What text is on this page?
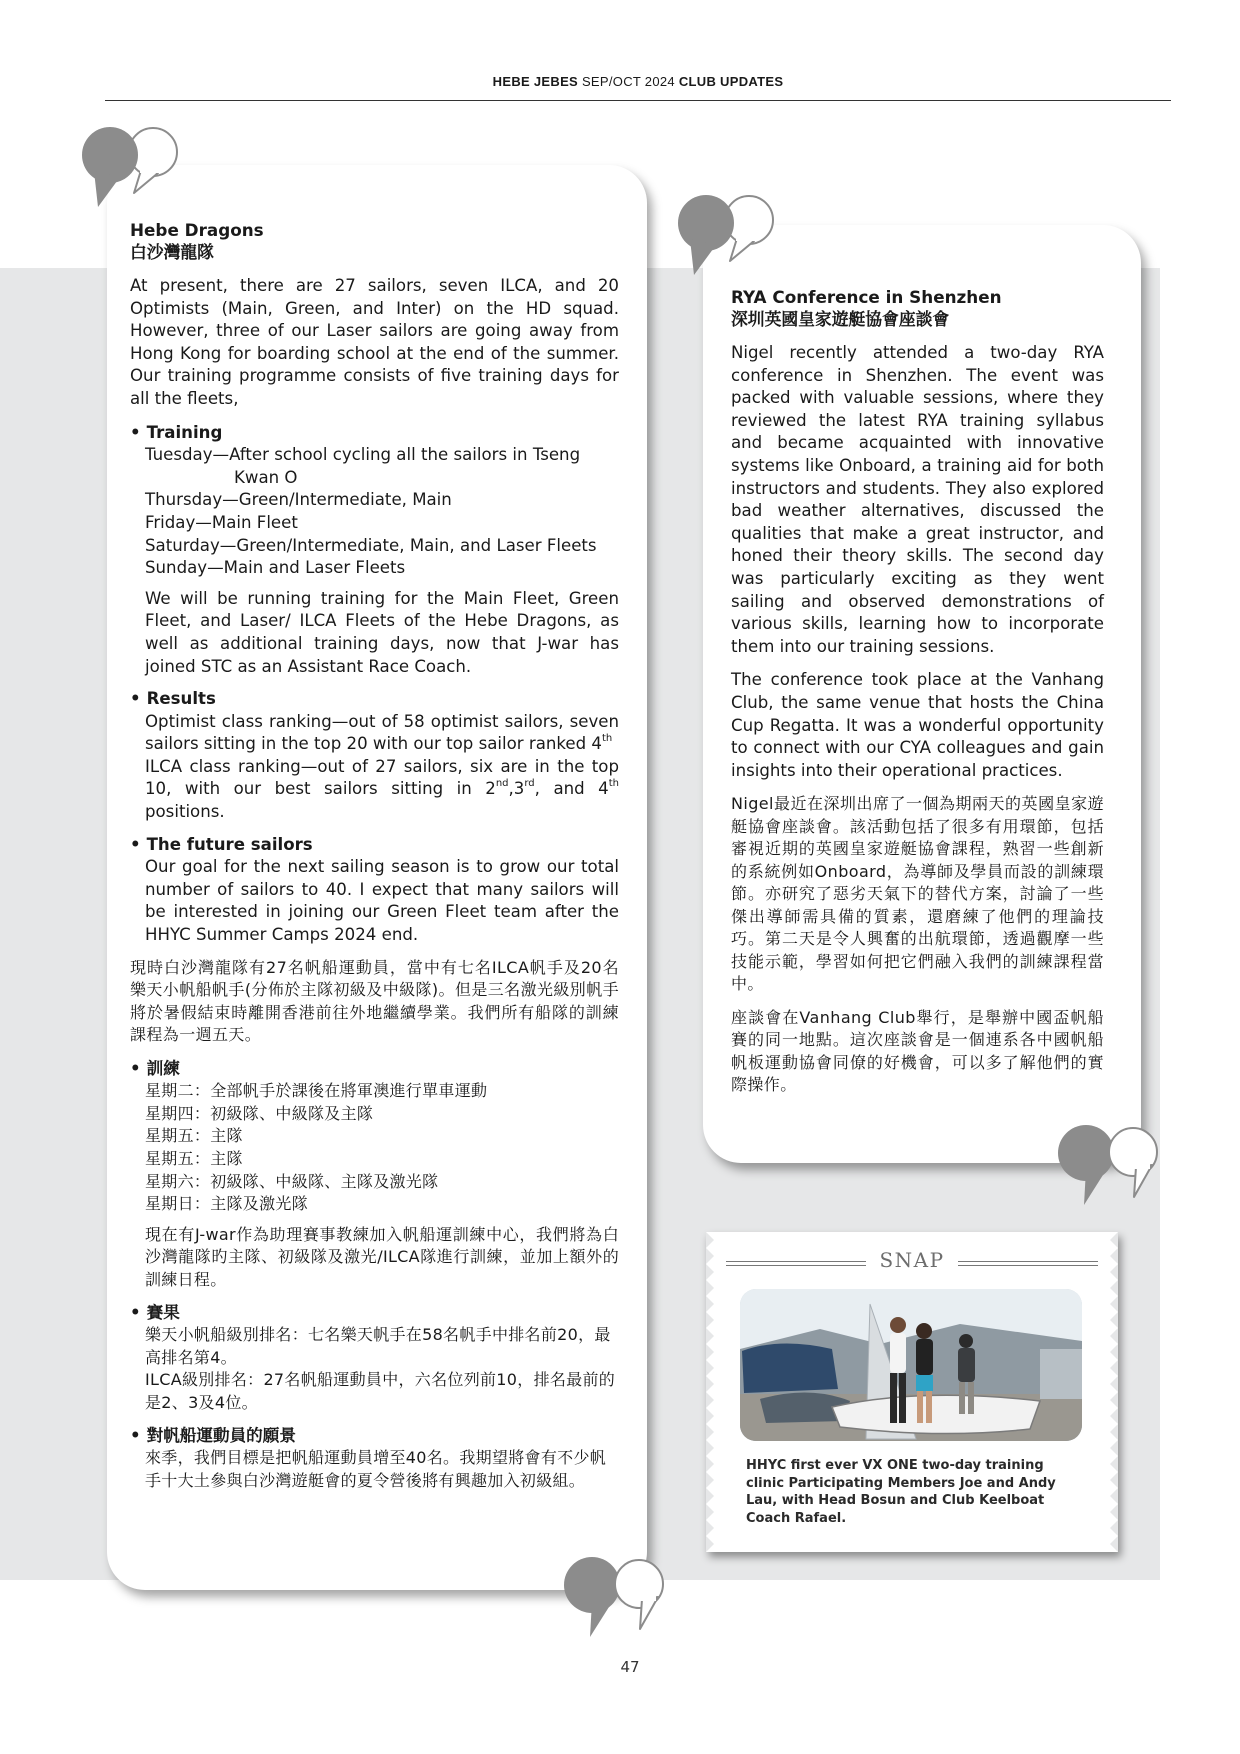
HEBE JEBES SEP/OCT 2024 CLUB UPDATES
Hebe Dragons
白沙灣龍隊

At present, there are 27 sailors, seven ILCA, and 20 Optimists (Main, Green, and Inter) on the HD squad. However, three of our Laser sailors are going away from Hong Kong for boarding school at the end of the summer. Our training programme consists of five training days for all the fleets,

• Training
Tuesday—After school cycling all the sailors in Tseng Kwan O
Thursday—Green/Intermediate, Main
Friday—Main Fleet
Saturday—Green/Intermediate, Main, and Laser Fleets
Sunday—Main and Laser Fleets

We will be running training for the Main Fleet, Green Fleet, and Laser/ ILCA Fleets of the Hebe Dragons, as well as additional training days, now that J-war has joined STC as an Assistant Race Coach.

• Results
Optimist class ranking—out of 58 optimist sailors, seven sailors sitting in the top 20 with our top sailor ranked 4th
ILCA class ranking—out of 27 sailors, six are in the top 10, with our best sailors sitting in 2nd,3rd, and 4th positions.
• The future sailors
Our goal for the next sailing season is to grow our total number of sailors to 40. I expect that many sailors will be interested in joining our Green Fleet team after the HHYC Summer Camps 2024 end.

現時白沙灣龍隊有27名帆船運動員，當中有七名ILCA帆手及20名樂天小帆船帆手(分佈於主隊初級及中級隊)。但是三名激光級別帆手將於暑假結束時離開香港前往外地繼續學業。我們所有船隊的訓練課程為一週五天。

• 訓練
星期二：全部帆手於課後在將軍澳進行單車運動
星期四：初級隊、中級隊及主隊
星期五：主隊
星期五：主隊
星期六：初級隊、中級隊、主隊及激光隊
星期日：主隊及激光隊

現在有J-war作為助理賽事教練加入帆船運訓練中心，我們將為白沙灣龍隊旳主隊、初級隊及激光/ILCA隊進行訓練，並加上額外的訓練日程。

• 賽果
樂天小帆船級別排名：七名樂天帆手在58名帆手中排名前20，最高排名第4。
ILCA級別排名：27名帆船運動員中，六名位列前10，排名最前的是2、3及4位。
• 對帆船運動員的願景
來季，我們目標是把帆船運動員增至40名。我期望將會有不少帆手十大土參與白沙灣遊艇會的夏令營後將有興趣加入初級組。
RYA Conference in Shenzhen
深圳英國皇家遊艇協會座談會

Nigel recently attended a two-day RYA conference in Shenzhen. The event was packed with valuable sessions, where they reviewed the latest RYA training syllabus and became acquainted with innovative systems like Onboard, a training aid for both instructors and students. They also explored bad weather alternatives, discussed the qualities that make a great instructor, and honed their theory skills. The second day was particularly exciting as they went sailing and observed demonstrations of various skills, learning how to incorporate them into our training sessions.

The conference took place at the Vanhang Club, the same venue that hosts the China Cup Regatta. It was a wonderful opportunity to connect with our CYA colleagues and gain insights into their operational practices.

Nigel最近在深圳出席了一個為期兩天的英國皇家遊艇協會座談會。該活動包括了很多有用環節，包括審視近期的英國皇家遊艇協會課程，熟習一些創新的系統例如Onboard，為導師及學員而設的訓練環節。亦研究了惡劣天氣下的替代方案，討論了一些傑出導師需具備的質素，還磨練了他們的理論技巧。第二天是令人興奮的出航環節，透過觀摩一些技能示範，學習如何把它們融入我們的訓練課程當中。

座談會在Vanhang Club舉行，是舉辦中國盃帆船賽的同一地點。這次座談會是一個連系各中國帆船帆板運動協會同僚的好機會，可以多了解他們的實際操作。

SNAP
HHYC first ever VX ONE two-day training clinic Participating Members Joe and Andy Lau, with Head Bosun and Club Keelboat Coach Rafael.
47
